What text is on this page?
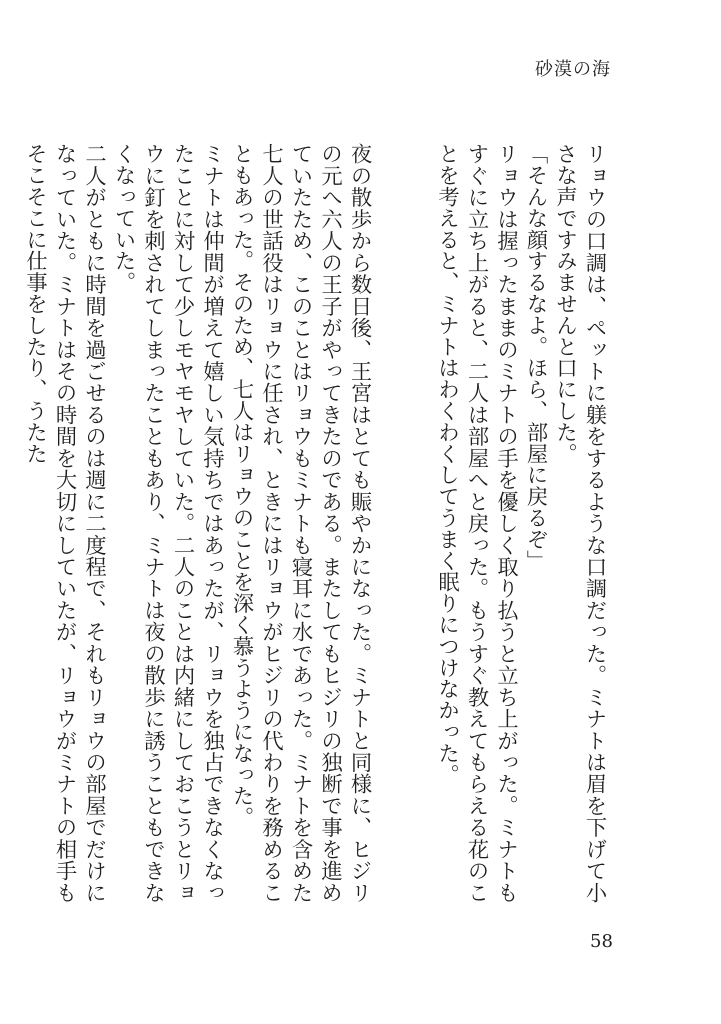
砂漠の海

リョウの口調は、ペットに躾をするような口調だった。ミナトは眉を下げて小さな声ですみませんと口にした。

「そんな顔するなよ。ほら、部屋に戻るぞ」

リョウは握ったままのミナトの手を優しく取り払うと立ち上がった。ミナトもすぐに立ち上がると、二人は部屋へと戻った。もうすぐ教えてもらえる花のことを考えると、ミナトはわくわくしてうまく眠りにつけなかった。

夜の散歩から数日後、王宮はとても賑やかになった。ミナトと同様に、ヒジリの元へ六人の王子がやってきたのである。またしてもヒジリの独断で事を進めていたため、このことはリョウもミナトも寝耳に水であった。ミナトを含めた七人の世話役はリョウに任され、ときにはリョウがヒジリの代わりを務めることもあった。そのため、七人はリョウのことを深く慕うようになった。

ミナトは仲間が増えて嬉しい気持ちではあったが、リョウを独占できなくなったことに対して少しモヤモヤしていた。二人のことは内緒にしておこうとリョウに釘を刺されてしまったこともあり、ミナトは夜の散歩に誘うこともできなくなっていた。

二人がともに時間を過ごせるのは週に二度程で、それもリョウの部屋でだけになっていた。ミナトはその時間を大切にしていたが、リョウがミナトの相手もそこそこに仕事をしたり、うたた

58
